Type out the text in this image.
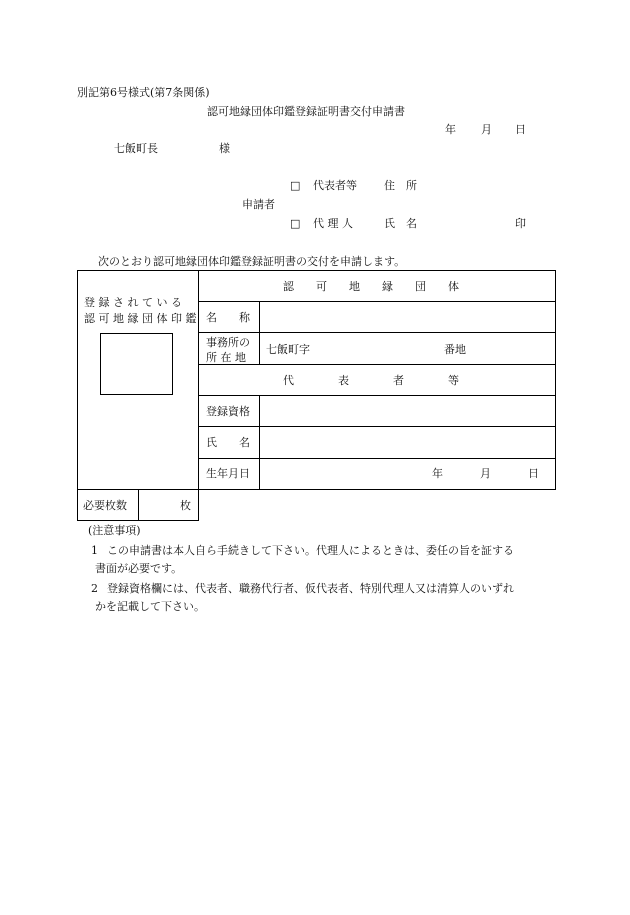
別記第6号様式(第7条関係)
認可地縁団体印鑑登録証明書交付申請書
年 月 日
七飯町長	様
□ 代表者等 住　所
申請者
□ 代 理 人	氏　名	印
次のとおり認可地縁団体印鑑登録証明書の交付を申請します。
登 録 さ れ て い る
認 可 地 縁 団 体 印 鑑
認　　可　　地　　縁　　団　　体
名　　称
事務所の
所 在 地
七飯町字	番地
代　　　　表　　　　者　　　　等
登録資格
氏　　名
生年月日	年	月	日
必要枚数	枚
(注意事項)
1 この申請書は本人自ら手続きして下さい。代理人によるときは、委任の旨を証する
書面が必要です。
2 登録資格欄には、代表者、職務代行者、仮代表者、特別代理人又は清算人のいずれ
かを記載して下さい。
